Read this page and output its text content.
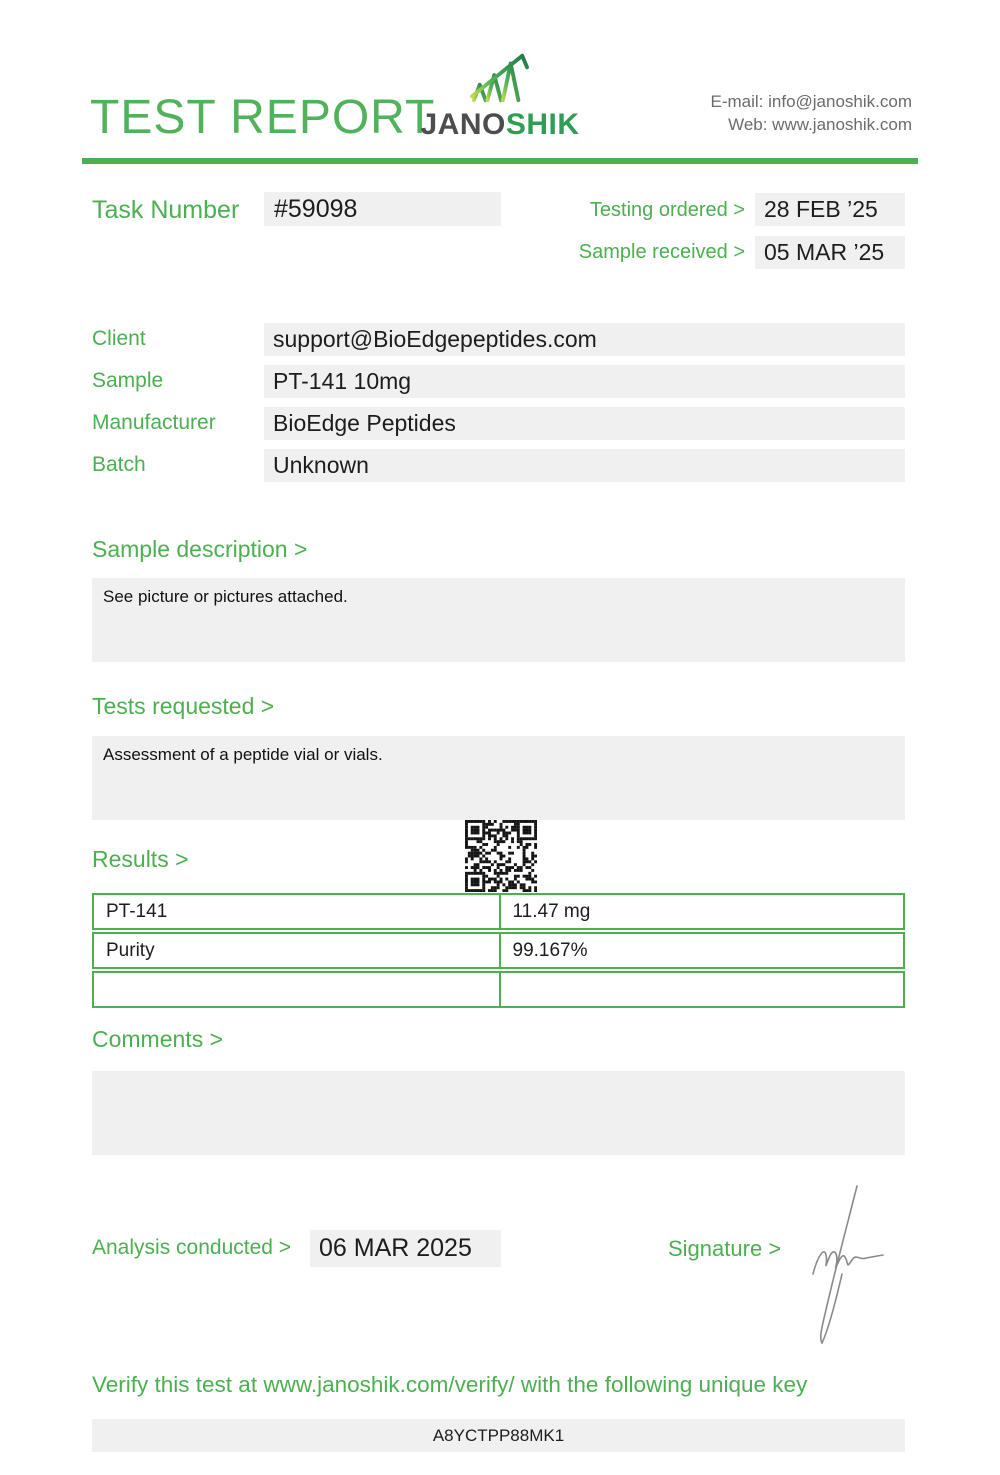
TEST REPORT
JANOSHIK
E-mail: info@janoshik.com
Web: www.janoshik.com
Task Number	#59098	Testing ordered > 28 FEB ’25
Sample received > 05 MAR ’25
Client	support@BioEdgepeptides.com
Sample	PT-141 10mg
Manufacturer	BioEdge Peptides
Batch	Unknown
Sample description >
See picture or pictures attached.
Tests requested >
Assessment of a peptide vial or vials.
Results >
PT-141	11.47 mg
Purity	99.167%
Comments >
Analysis conducted >	06 MAR 2025	Signature >
Verify this test at www.janoshik.com/verify/ with the following unique key
A8YCTPP88MK1
